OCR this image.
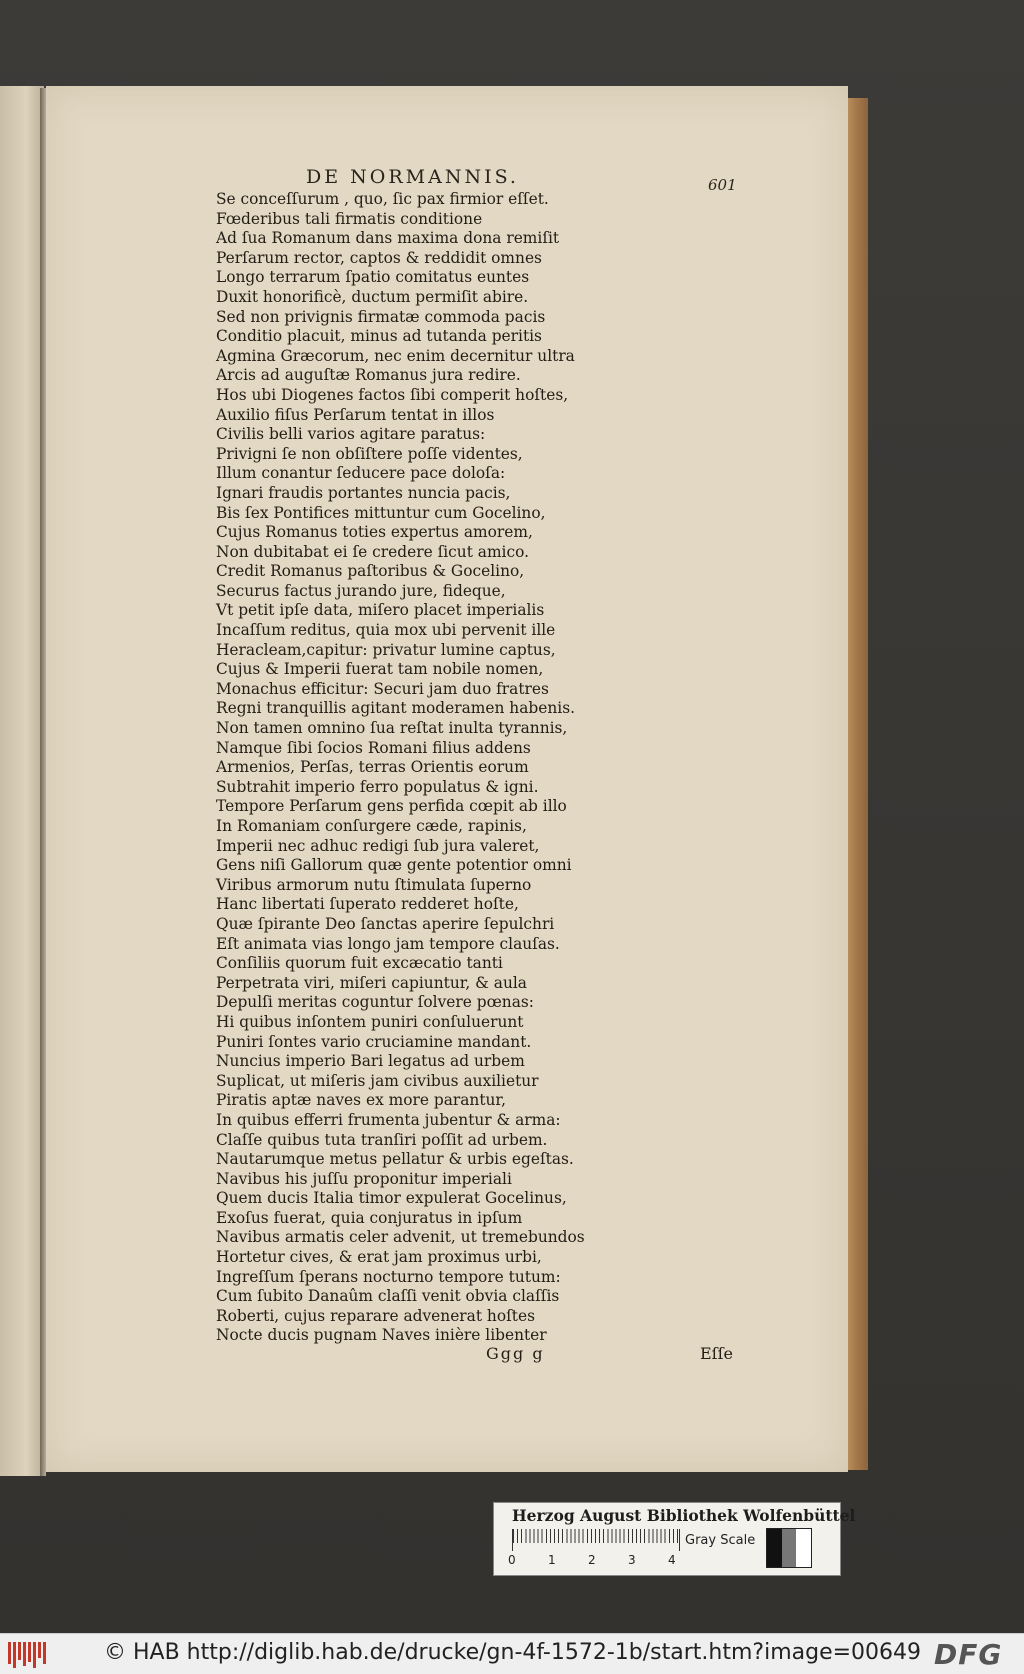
DE NORMANNIS.	601
Se conceſſurum , quo, ſic pax firmior eſſet.
Fœderibus tali firmatis conditione
Ad ſua Romanum dans maxima dona remiſit
Perſarum rector, captos & reddidit omnes
Longo terrarum ſpatio comitatus euntes
Duxit honorificè, ductum permiſit abire.
Sed non privignis firmatæ commoda pacis
Conditio placuit, minus ad tutanda peritis
Agmina Græcorum, nec enim decernitur ultra
Arcis ad auguſtæ Romanus jura redire.
Hos ubi Diogenes factos ſibi comperit hoſtes,
Auxilio fiſus Perſarum tentat in illos
Civilis belli varios agitare paratus:
Privigni ſe non obſiſtere poſſe videntes,
Illum conantur ſeducere pace doloſa:
Ignari fraudis portantes nuncia pacis,
Bis ſex Pontifices mittuntur cum Gocelino,
Cujus Romanus toties expertus amorem,
Non dubitabat ei ſe credere ſicut amico.
Credit Romanus paſtoribus & Gocelino,
Securus factus jurando jure, fideque,
Vt petit ipſe data, miſero placet imperialis
Incaſſum reditus, quia mox ubi pervenit ille
Heracleam,capitur: privatur lumine captus,
Cujus & Imperii fuerat tam nobile nomen,
Monachus efficitur: Securi jam duo fratres
Regni tranquillis agitant moderamen habenis.
Non tamen omnino ſua reſtat inulta tyrannis,
Namque ſibi ſocios Romani filius addens
Armenios, Perſas, terras Orientis eorum
Subtrahit imperio ferro populatus & igni.
Tempore Perſarum gens perfida cœpit ab illo
In Romaniam conſurgere cæde, rapinis,
Imperii nec adhuc redigi ſub jura valeret,
Gens niſi Gallorum quæ gente potentior omni
Viribus armorum nutu ſtimulata ſuperno
Hanc libertati ſuperato redderet hoſte,
Quæ ſpirante Deo ſanctas aperire ſepulchri
Eſt animata vias longo jam tempore clauſas.
Conſiliis quorum fuit excæcatio tanti
Perpetrata viri, miſeri capiuntur, & aula
Depulſi meritas coguntur ſolvere pœnas:
Hi quibus inſontem puniri conſuluerunt
Puniri ſontes vario cruciamine mandant.
Nuncius imperio Bari legatus ad urbem
Suplicat, ut miſeris jam civibus auxilietur
Piratis aptæ naves ex more parantur,
In quibus efferri frumenta jubentur & arma:
Claſſe quibus tuta tranſiri poſſit ad urbem.
Nautarumque metus pellatur & urbis egeſtas.
Navibus his juſſu proponitur imperiali
Quem ducis Italia timor expulerat Gocelinus,
Exoſus fuerat, quia conjuratus in ipſum
Navibus armatis celer advenit, ut tremebundos
Hortetur cives, & erat jam proximus urbi,
Ingreſſum ſperans nocturno tempore tutum:
Cum ſubito Danaûm claſſi venit obvia claſſis
Roberti, cujus reparare advenerat hoſtes
Nocte ducis pugnam Naves inière libenter
Ggg g	Eſſe
Herzog August Bibliothek Wolfenbüttel
0	1	2	3	4
Gray Scale
© HAB http://diglib.hab.de/drucke/gn-4f-1572-1b/start.htm?image=00649 DFG
